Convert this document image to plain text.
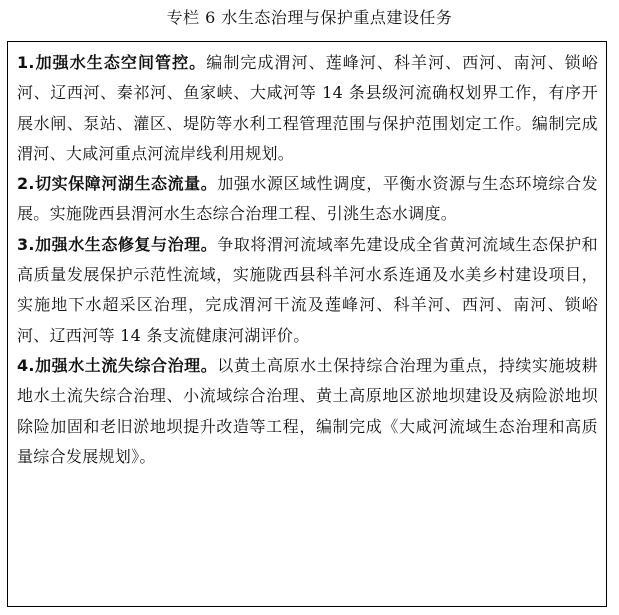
专栏 6 水生态治理与保护重点建设任务

1.加强水生态空间管控。编制完成渭河、莲峰河、科羊河、西河、南河、锁峪河、辽西河、秦祁河、鱼家峡、大咸河等 14 条县级河流确权划界工作，有序开展水闸、泵站、灌区、堤防等水利工程管理范围与保护范围划定工作。编制完成渭河、大咸河重点河流岸线利用规划。

2.切实保障河湖生态流量。加强水源区域性调度，平衡水资源与生态环境综合发展。实施陇西县渭河水生态综合治理工程、引洮生态水调度。

3.加强水生态修复与治理。争取将渭河流域率先建设成全省黄河流域生态保护和高质量发展保护示范性流域，实施陇西县科羊河水系连通及水美乡村建设项目，实施地下水超采区治理，完成渭河干流及莲峰河、科羊河、西河、南河、锁峪河、辽西河等 14 条支流健康河湖评价。

4.加强水土流失综合治理。以黄土高原水土保持综合治理为重点，持续实施坡耕地水土流失综合治理、小流域综合治理、黄土高原地区淤地坝建设及病险淤地坝除险加固和老旧淤地坝提升改造等工程，编制完成《大咸河流域生态治理和高质量综合发展规划》。
